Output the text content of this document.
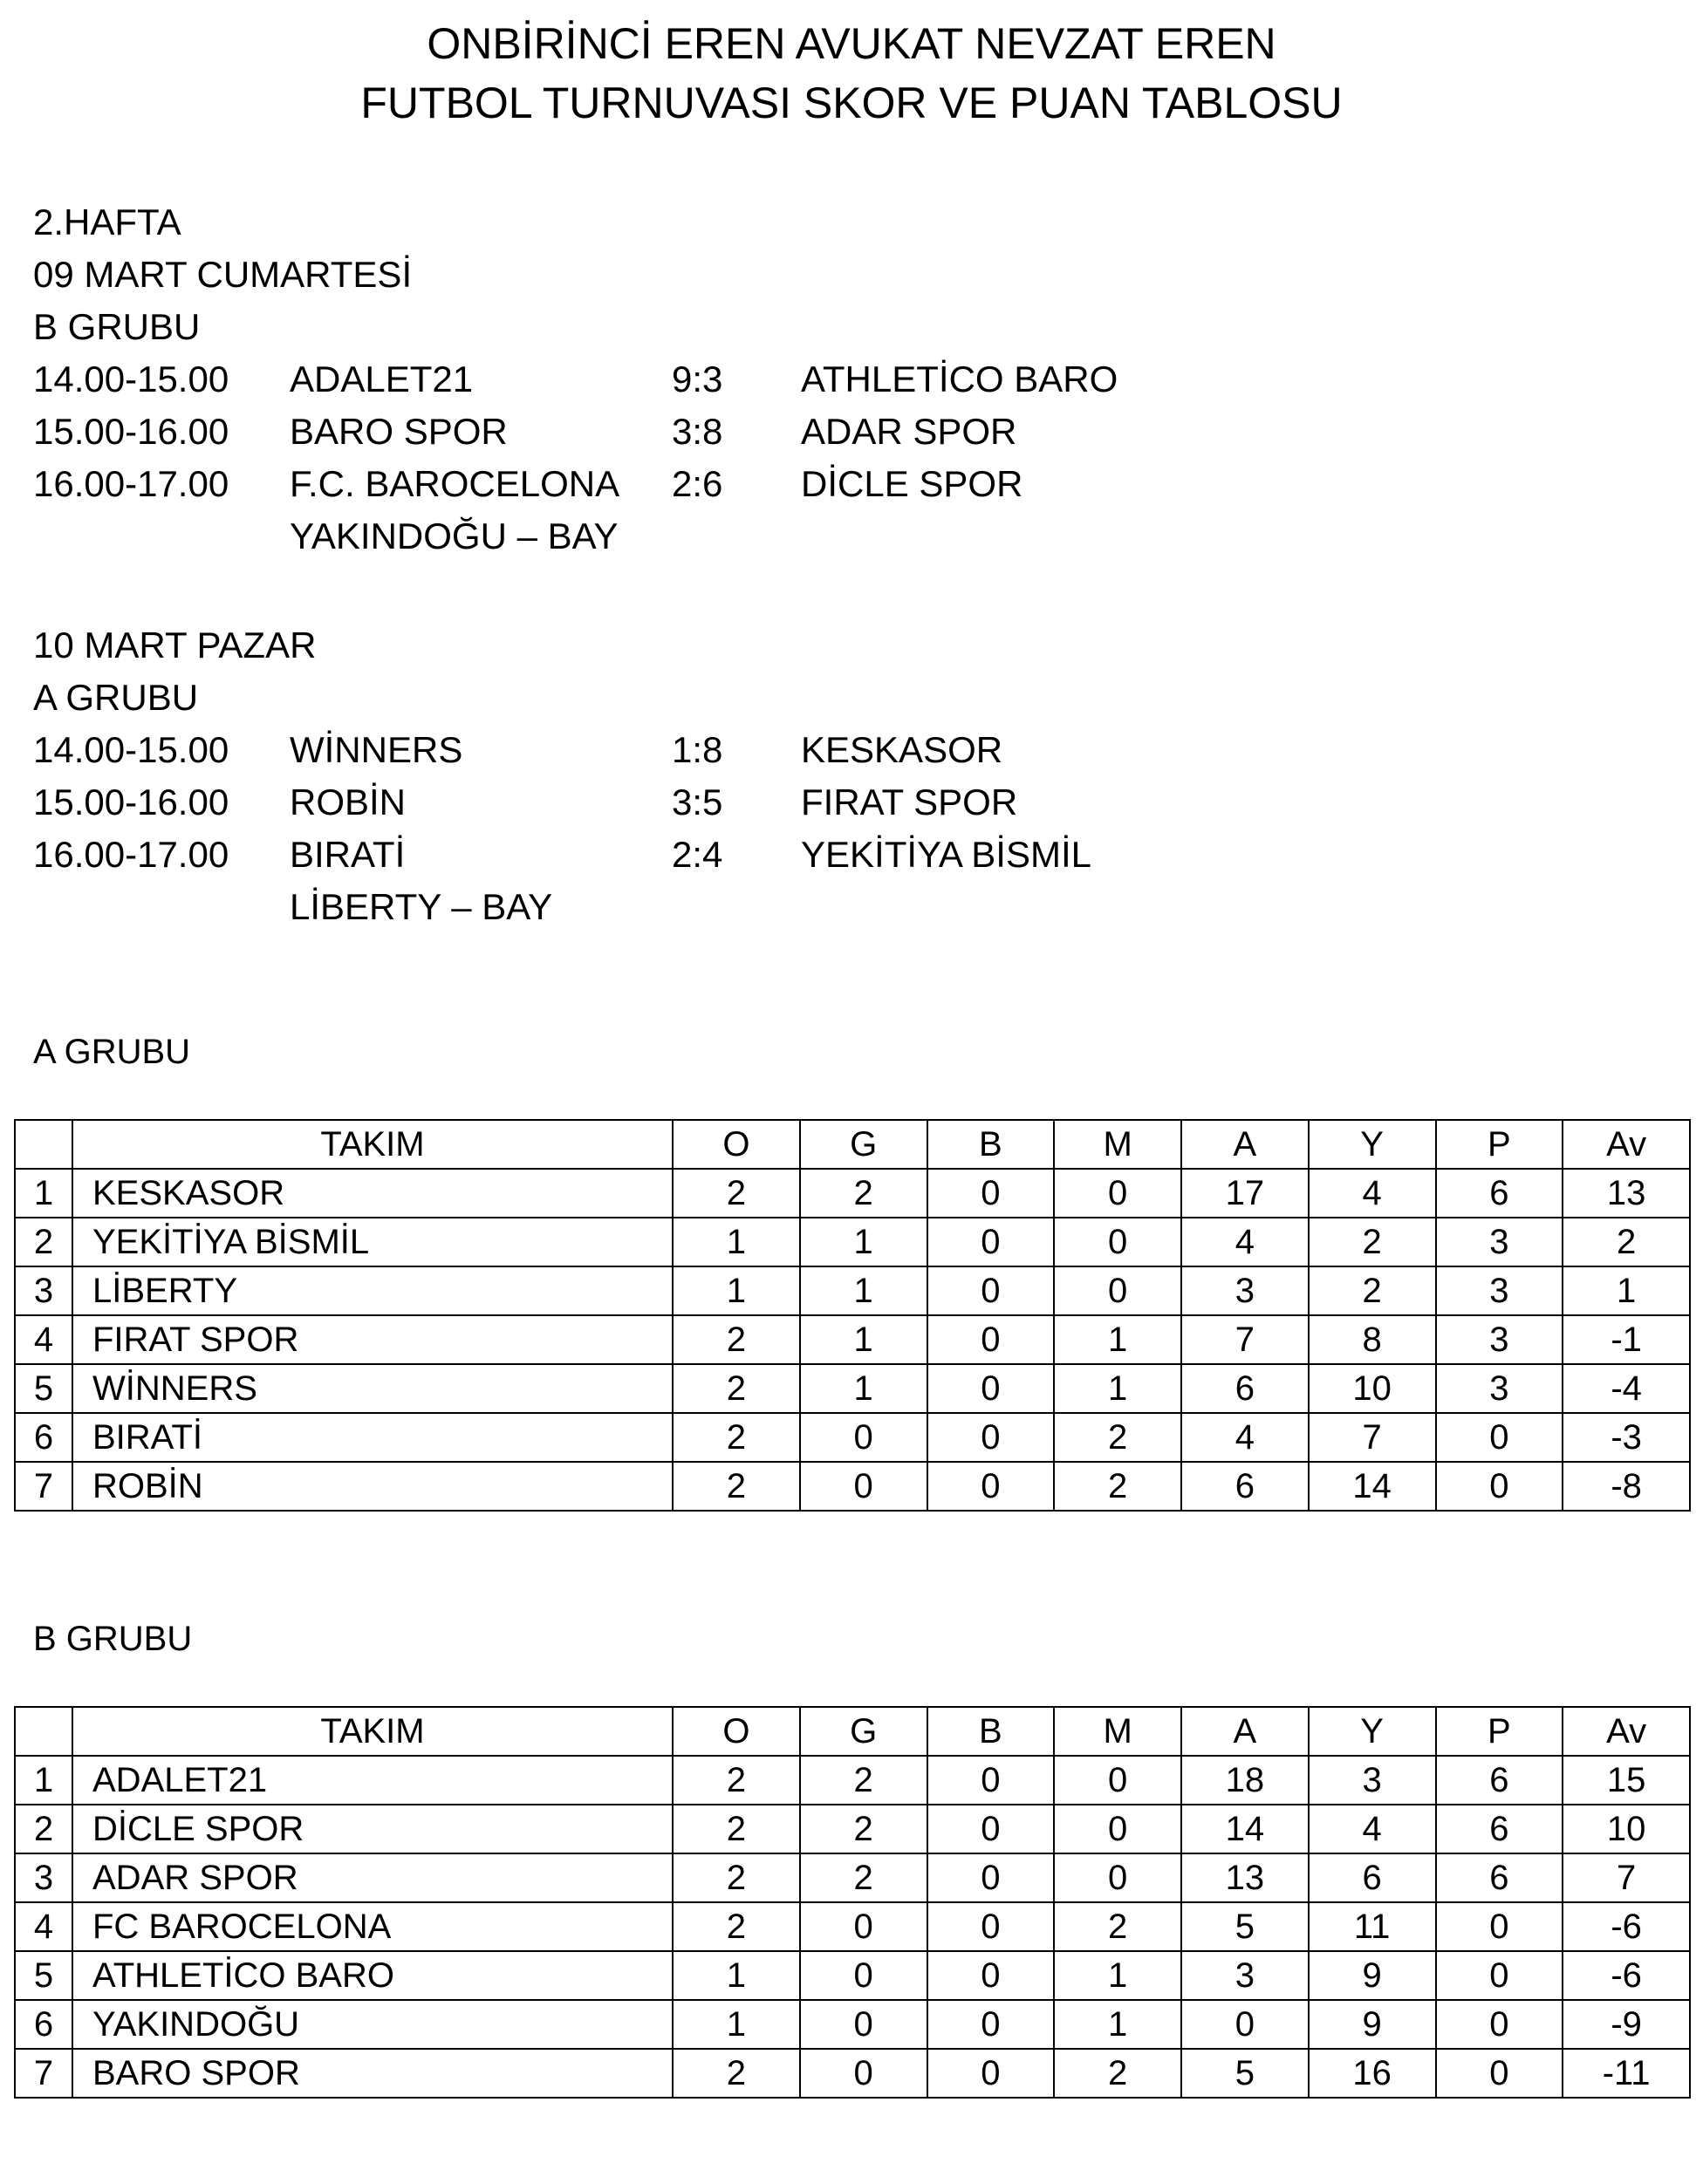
ONBİRİNCİ EREN AVUKAT NEVZAT EREN
FUTBOL TURNUVASI SKOR VE PUAN TABLOSU
2.HAFTA
09 MART CUMARTESİ
B GRUBU
14.00-15.00 ADALET21	9:3 ATHLETİCO BARO
15.00-16.00 BARO SPOR	3:8 ADAR SPOR
16.00-17.00 F.C. BAROCELONA 2:6 DİCLE SPOR
YAKINDOĞU – BAY
10 MART PAZAR
A GRUBU
14.00-15.00 WİNNERS	1:8 KESKASOR
15.00-16.00 ROBİN	3:5 FIRAT SPOR
16.00-17.00 BIRATİ	2:4 YEKİTİYA BİSMİL
LİBERTY – BAY
A GRUBU
	TAKIM	O	G	B	M	A	Y	P	Av
1	KESKASOR	2	2	0	0	17	4	6	13
2	YEKİTİYA BİSMİL	1	1	0	0	4	2	3	2
3	LİBERTY	1	1	0	0	3	2	3	1
4	FIRAT SPOR	2	1	0	1	7	8	3	-1
5	WİNNERS	2	1	0	1	6	10	3	-4
6	BIRATİ	2	0	0	2	4	7	0	-3
7	ROBİN	2	0	0	2	6	14	0	-8
B GRUBU
	TAKIM	O	G	B	M	A	Y	P	Av
1	ADALET21	2	2	0	0	18	3	6	15
2	DİCLE SPOR	2	2	0	0	14	4	6	10
3	ADAR SPOR	2	2	0	0	13	6	6	7
4	FC BAROCELONA	2	0	0	2	5	11	0	-6
5	ATHLETİCO BARO	1	0	0	1	3	9	0	-6
6	YAKINDOĞU	1	0	0	1	0	9	0	-9
7	BARO SPOR	2	0	0	2	5	16	0	-11
